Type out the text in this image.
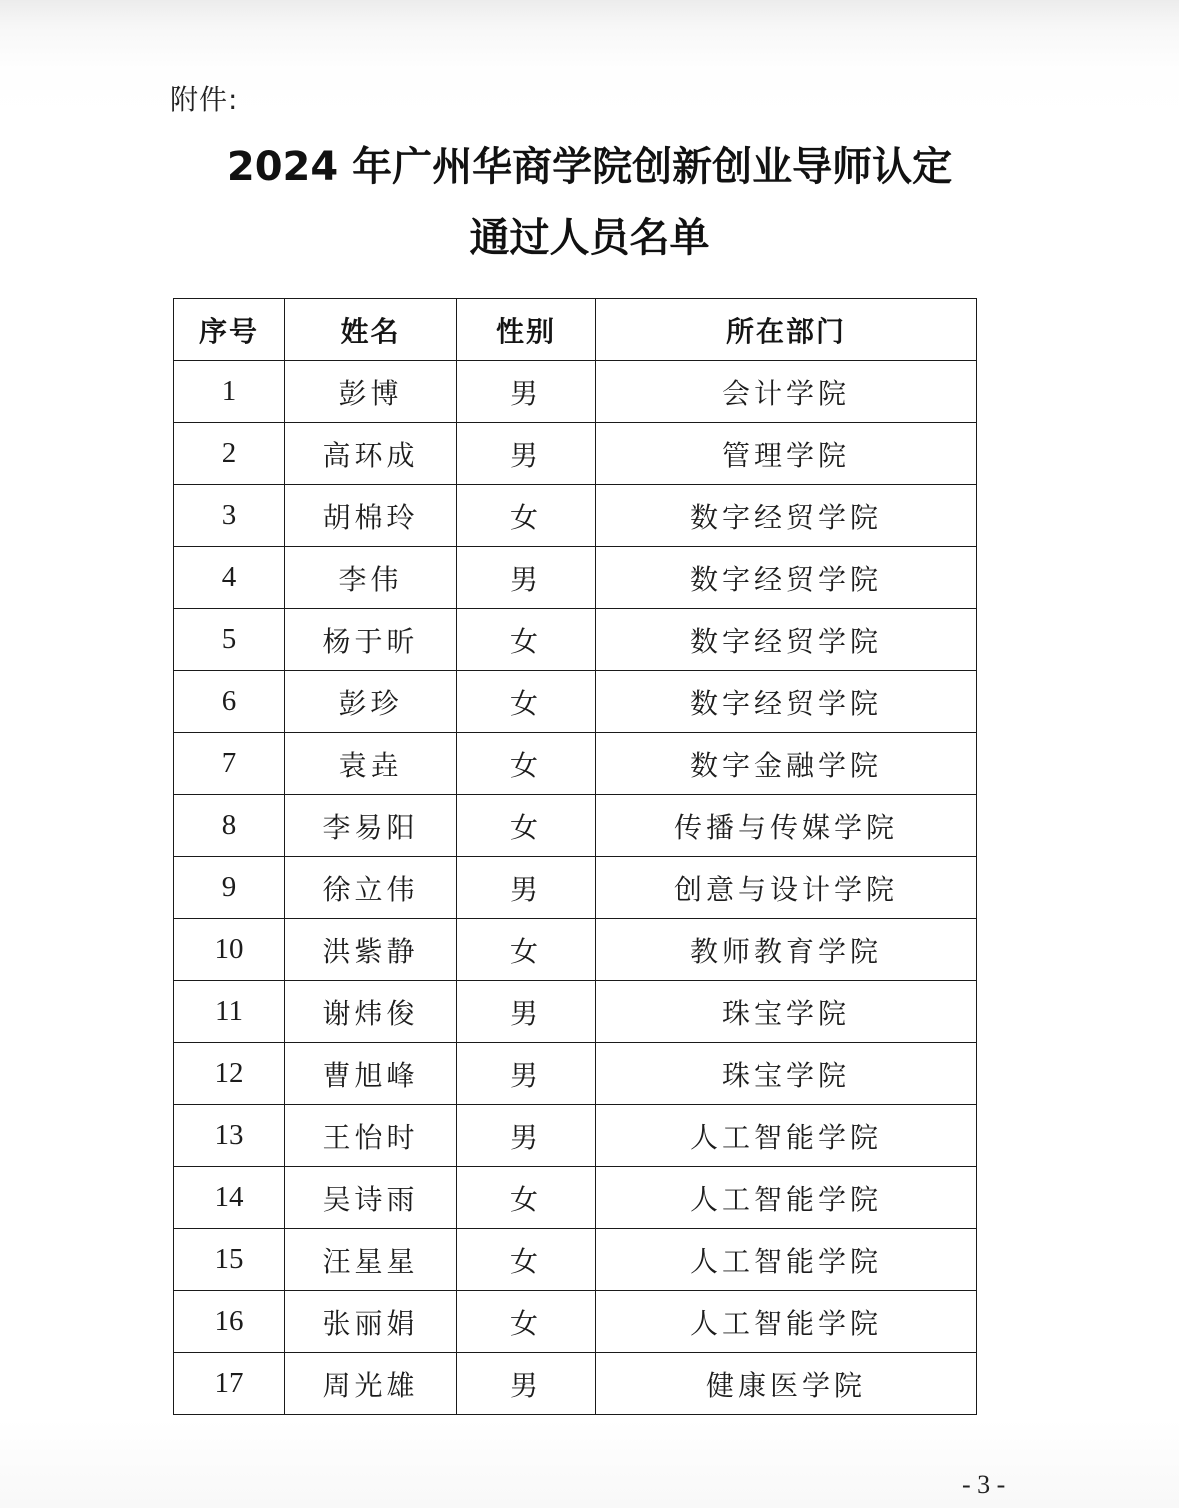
附件:
2024 年广州华商学院创新创业导师认定
通过人员名单
序号	姓名	性别	所在部门
1	彭博	男	会计学院
2	高环成	男	管理学院
3	胡棉玲	女	数字经贸学院
4	李伟	男	数字经贸学院
5	杨于昕	女	数字经贸学院
6	彭珍	女	数字经贸学院
7	袁垚	女	数字金融学院
8	李易阳	女	传播与传媒学院
9	徐立伟	男	创意与设计学院
10	洪紫静	女	教师教育学院
11	谢炜俊	男	珠宝学院
12	曹旭峰	男	珠宝学院
13	王怡时	男	人工智能学院
14	吴诗雨	女	人工智能学院
15	汪星星	女	人工智能学院
16	张丽娟	女	人工智能学院
17	周光雄	男	健康医学院
- 3 -
